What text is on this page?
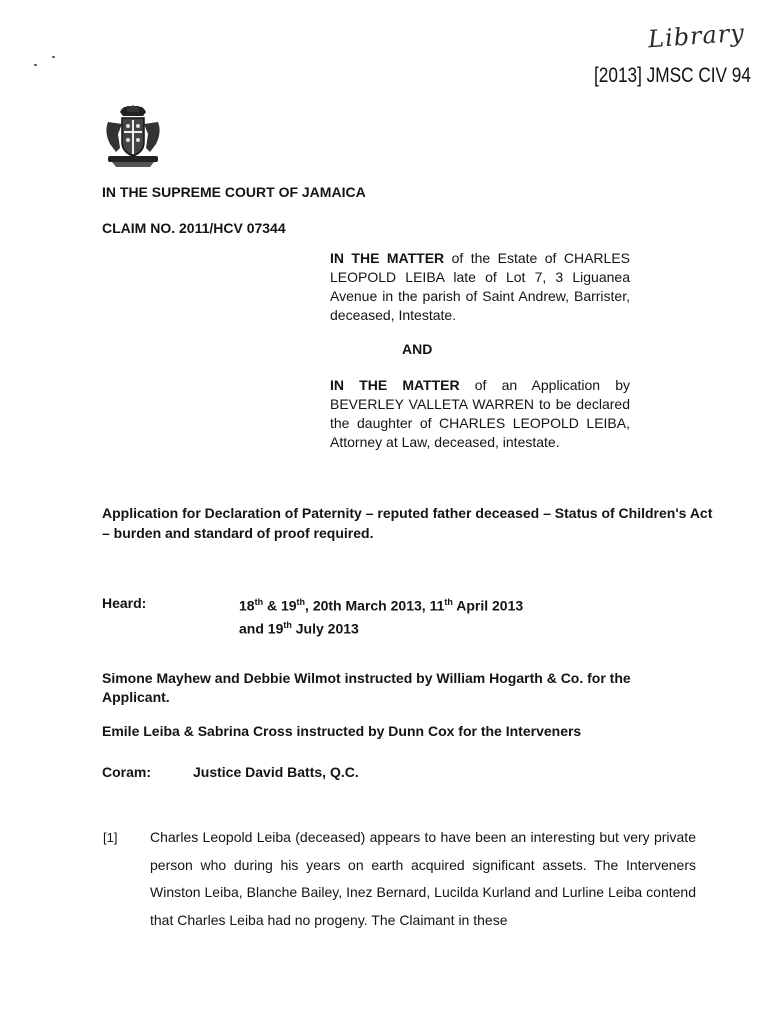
Library
[2013] JMSC CIV 94
IN THE SUPREME COURT OF JAMAICA
CLAIM NO. 2011/HCV 07344
IN THE MATTER of the Estate of CHARLES LEOPOLD LEIBA late of Lot 7, 3 Liguanea Avenue in the parish of Saint Andrew, Barrister, deceased, Intestate.
AND
IN THE MATTER of an Application by BEVERLEY VALLETA WARREN to be declared the daughter of CHARLES LEOPOLD LEIBA, Attorney at Law, deceased, intestate.
Application for Declaration of Paternity – reputed father deceased – Status of Children's Act – burden and standard of proof required.
Heard:	18th & 19th, 20th March 2013, 11th April 2013
and 19th July 2013
Simone Mayhew and Debbie Wilmot instructed by William Hogarth & Co. for the Applicant.
Emile Leiba & Sabrina Cross instructed by Dunn Cox for the Interveners
Coram:	Justice David Batts, Q.C.
[1] Charles Leopold Leiba (deceased) appears to have been an interesting but very private person who during his years on earth acquired significant assets. The Interveners Winston Leiba, Blanche Bailey, Inez Bernard, Lucilda Kurland and Lurline Leiba contend that Charles Leiba had no progeny. The Claimant in these
